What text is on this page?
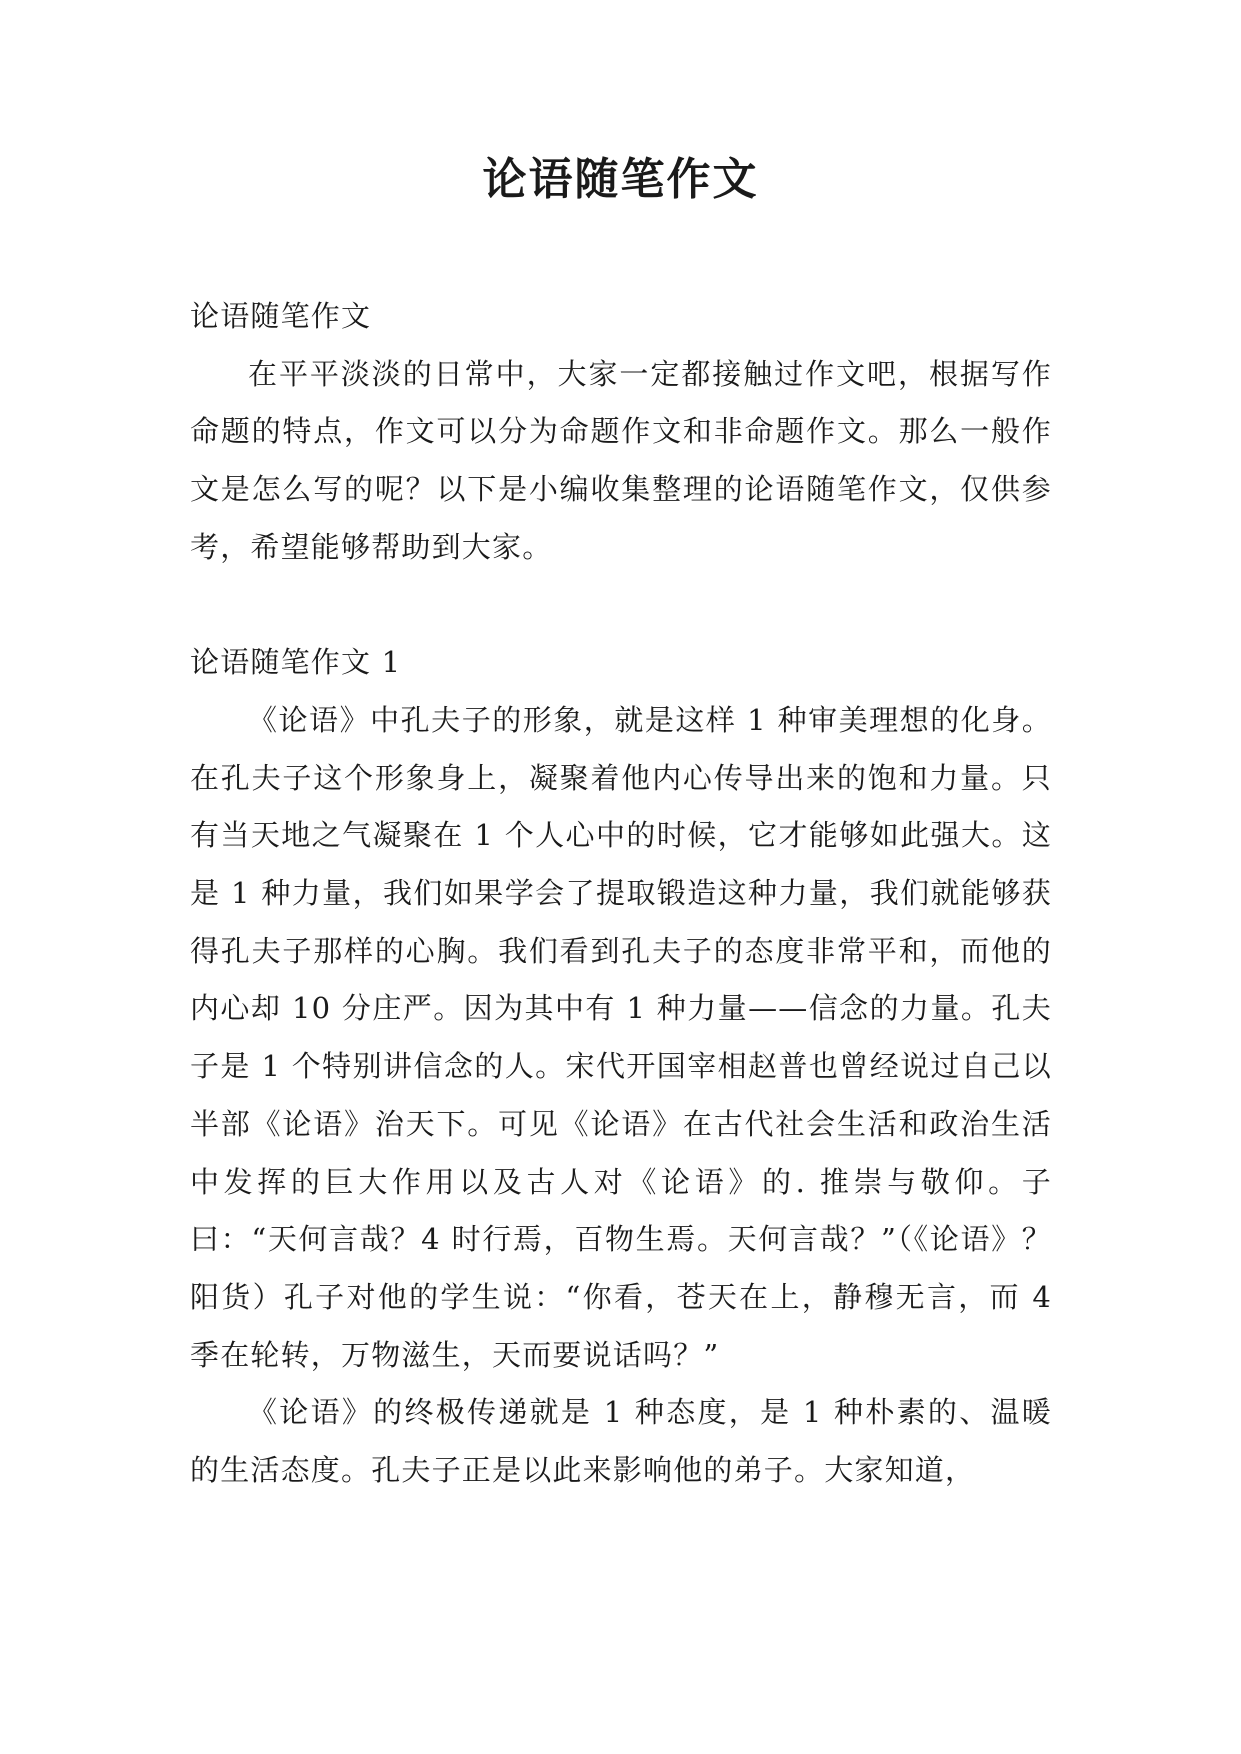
论语随笔作文

论语随笔作文

在平平淡淡的日常中，大家一定都接触过作文吧，根据写作命题的特点，作文可以分为命题作文和非命题作文。那么一般作文是怎么写的呢？以下是小编收集整理的论语随笔作文，仅供参考，希望能够帮助到大家。

论语随笔作文 1

《论语》中孔夫子的形象，就是这样 1 种审美理想的化身。在孔夫子这个形象身上，凝聚着他内心传导出来的饱和力量。只有当天地之气凝聚在 1 个人心中的时候，它才能够如此强大。这是 1 种力量，我们如果学会了提取锻造这种力量，我们就能够获得孔夫子那样的心胸。我们看到孔夫子的态度非常平和，而他的内心却 10 分庄严。因为其中有 1 种力量——信念的力量。孔夫子是 1 个特别讲信念的人。宋代开国宰相赵普也曾经说过自己以半部《论语》治天下。可见《论语》在古代社会生活和政治生活中发挥的巨大作用以及古人对《论语》的. 推崇与敬仰。子曰：“天何言哉？4 时行焉，百物生焉。天何言哉？”（《论语》？阳货）孔子对他的学生说：“你看，苍天在上，静穆无言，而 4 季在轮转，万物滋生，天而要说话吗？”

《论语》的终极传递就是 1 种态度，是 1 种朴素的、温暖的生活态度。孔夫子正是以此来影响他的弟子。大家知道，
